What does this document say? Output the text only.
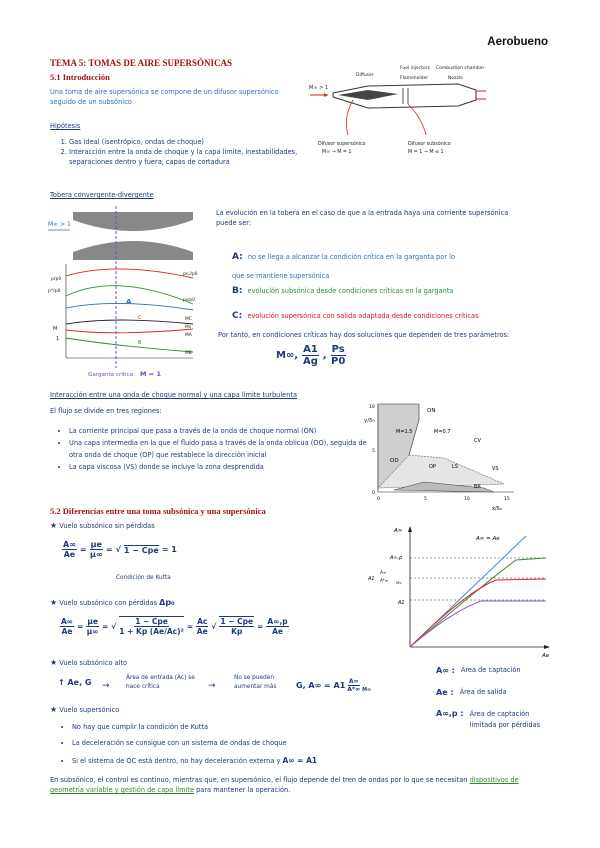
Aerobueno
TEMA 5: TOMAS DE AIRE SUPERSÓNICAS
5.1 Introducción
Una toma de aire supersónica se compone de un difusor supersónico seguido de un subsónico
Hipótesis
1. Gas ideal (isentrópico, ondas de choque)
2. Interacción entre la onda de choque y la capa límite, inestabilidades, separaciones dentro y fuera, capas de cortadura
M∞ > 1
Diffuser
Fuel injectors
Flameholder
Combustion chamber
Nozzle
Difusor supersónico
M∞ → M = 1
Difusor subsónico
M = 1 → M ≤ 1
Tobera convergente-divergente
M∞ > 1
p/p0
p*/p0
M
1
ps,i/p0
ps/p0
MC
Ms
MA
MB
A
B
C
Garganta crítica: M = 1
La evolución en la tobera en el caso de que a la entrada haya una corriente supersónica puede ser:
A: no se llega a alcanzar la condición crítica en la garganta por lo que se mantiene supersónica
B: evolución subsónica desde condiciones críticas en la garganta
C: evolución supersónica con salida adaptada desde condiciones críticas
Por tanto, en condiciones críticas hay dos soluciones que dependen de tres parámetros:
M∞, $\frac{A1}{Ag}$ , $\frac{Ps}{P0}$
Interacción entre una onda de choque normal y una capa límite turbulenta
El flujo se divide en tres regiones:
• La corriente principal que pasa a través de la onda de choque normal (ON)
• Una capa intermedia en la que el fluido pasa a través de la onda oblicua (OO), seguida de otra onda de choque (OP) que restablece la dirección inicial
• La capa viscosa (VS) donde se incluye la zona desprendida
y/δ₀
10
5
0
0	5	10	15
x/δ₀
ON
M=1.5	M=0.7
CV
OD
OP	LS	VS
BR
5.2 Diferencias entre una toma subsónica y una supersónica
★ Vuelo subsónico sin pérdidas
$\frac{A\infty}{Ae} = \frac{\mu e}{\mu\infty}$ = √ 1 − Cpe ≃ 1
Condición de Kutta
★ Vuelo subsónico con pérdidas Δp₀
$\frac{A\infty}{Ae} = \frac{\mu e}{\mu\infty}$ = √ $\frac{\text{1 − Cpe}}{\text{1 + Kp (Ae/Ac)²}}$ ≃ $\frac{Ac}{Ae}$ √ $\frac{\text{1 − Cpe}}{Kp} = \frac{A\infty,p}{Ae}$
★ Vuelo subsónico alto
↑ Ae, G →
Área de entrada (Ac) se hace crítica	→
No se pueden aumentar más	G, $A\infty = A1 \frac{A\infty}{A*\infty} M\infty$
★ Vuelo supersónico
• No hay que cumplir la condición de Kutta
• La deceleración se consigue con un sistema de ondas de choque
• Si el sistema de OC está dentro, no hay deceleración externa y A∞ = A1
En subsónico, el control es continuo, mientras que, en supersónico, el flujo depende del tren de ondas por lo que se necesitan dispositivos de geometría variable y gestión de capa límite para mantener la operación.
A∞
Ae
A∞ = Ae
A∞,p
A1
A∞
A*∞ M∞
A1
A∞ : Área de captación
Ae : Área de salida
A∞,p : Área de captación limitada por pérdidas
